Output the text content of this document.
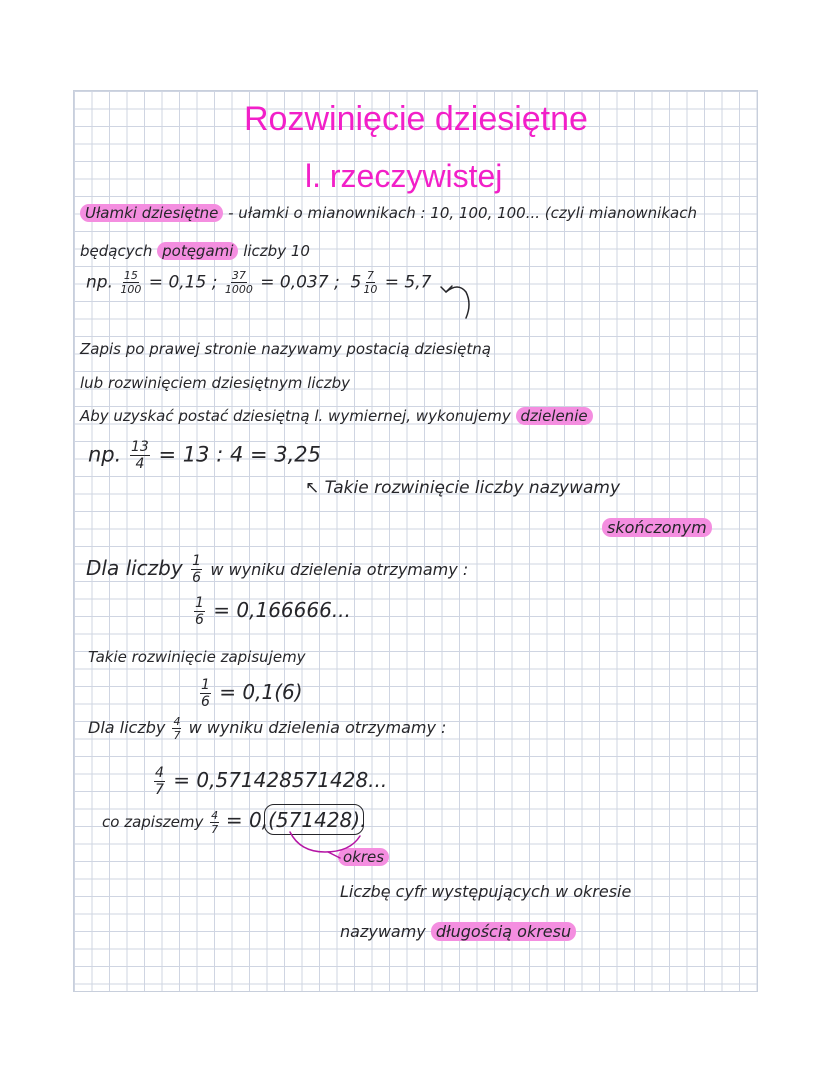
Rozwinięcie dziesiętne
l. rzeczywistej
Ułamki dziesiętne - ułamki o mianownikach : 10, 100, 100... (czyli mianownikach
będących potęgami liczby 10
np. $\frac{15}{100} = 0,15$ ; $\frac{37}{1000} = 0,037$ ; $5 \frac{7}{10} = 5,7$
Zapis po prawej stronie nazywamy postacią dziesiętną
lub rozwinięciem dziesiętnym liczby
Aby uzyskać postać dziesiętną l. wymiernej, wykonujemy dzielenie
np. $\frac{13}{4} = 13$ : 4 = 3,25
↖ Takie rozwinięcie liczby nazywamy
skończonym
Dla liczby $\frac{1}{6}$ w wyniku dzielenia otrzymamy :
$\frac{1}{6} = 0,166666$...
Takie rozwinięcie zapisujemy
$\frac{1}{6} = 0,1(6)$
Dla liczby $\frac{4}{7}$ w wyniku dzielenia otrzymamy :
$\frac{4}{7} = 0,571428571428$...
co zapiszemy $\frac{4}{7} = 0,(571428)$.
okres
Liczbę cyfr występujących w okresie
nazywamy długością okresu
